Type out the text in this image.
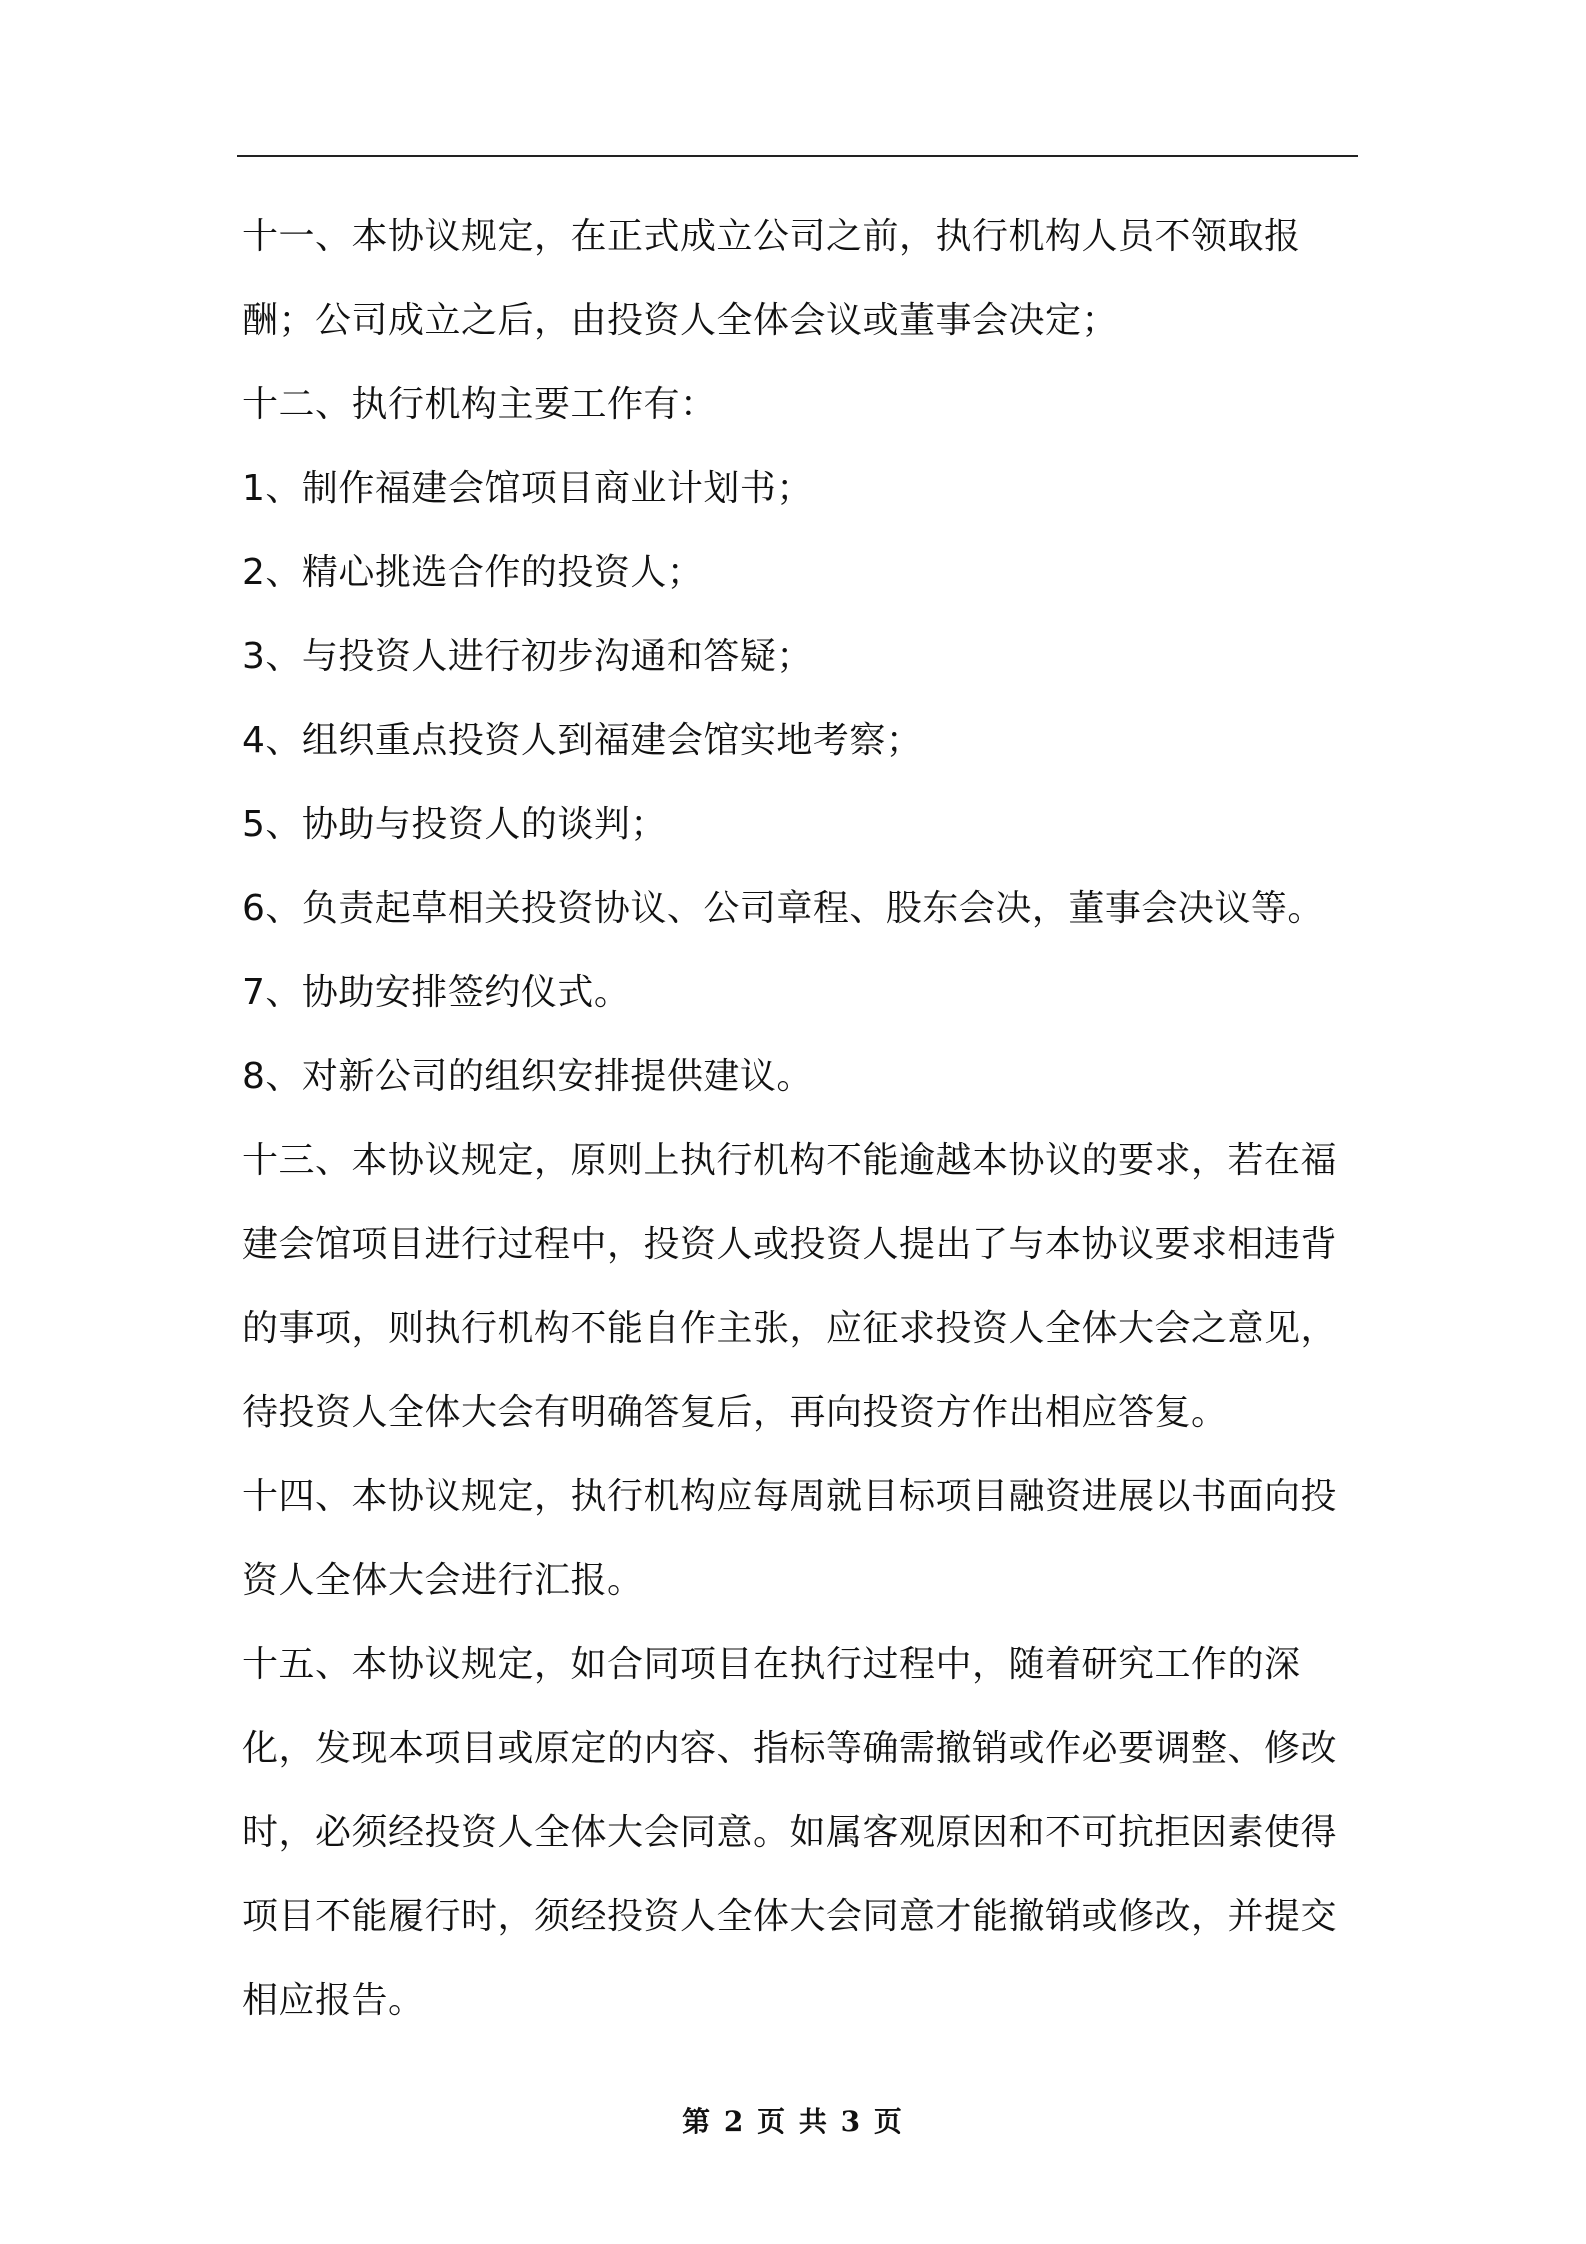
十一、本协议规定，在正式成立公司之前，执行机构人员不领取报酬；公司成立之后，由投资人全体会议或董事会决定；

十二、执行机构主要工作有：

1、制作福建会馆项目商业计划书；

2、精心挑选合作的投资人；

3、与投资人进行初步沟通和答疑；

4、组织重点投资人到福建会馆实地考察；

5、协助与投资人的谈判；

6、负责起草相关投资协议、公司章程、股东会决，董事会决议等。

7、协助安排签约仪式。

8、对新公司的组织安排提供建议。

十三、本协议规定，原则上执行机构不能逾越本协议的要求，若在福建会馆项目进行过程中，投资人或投资人提出了与本协议要求相违背的事项，则执行机构不能自作主张，应征求投资人全体大会之意见，待投资人全体大会有明确答复后，再向投资方作出相应答复。

十四、本协议规定，执行机构应每周就目标项目融资进展以书面向投资人全体大会进行汇报。

十五、本协议规定，如合同项目在执行过程中，随着研究工作的深化，发现本项目或原定的内容、指标等确需撤销或作必要调整、修改时，必须经投资人全体大会同意。如属客观原因和不可抗拒因素使得项目不能履行时，须经投资人全体大会同意才能撤销或修改，并提交相应报告。

第 2 页 共 3 页
